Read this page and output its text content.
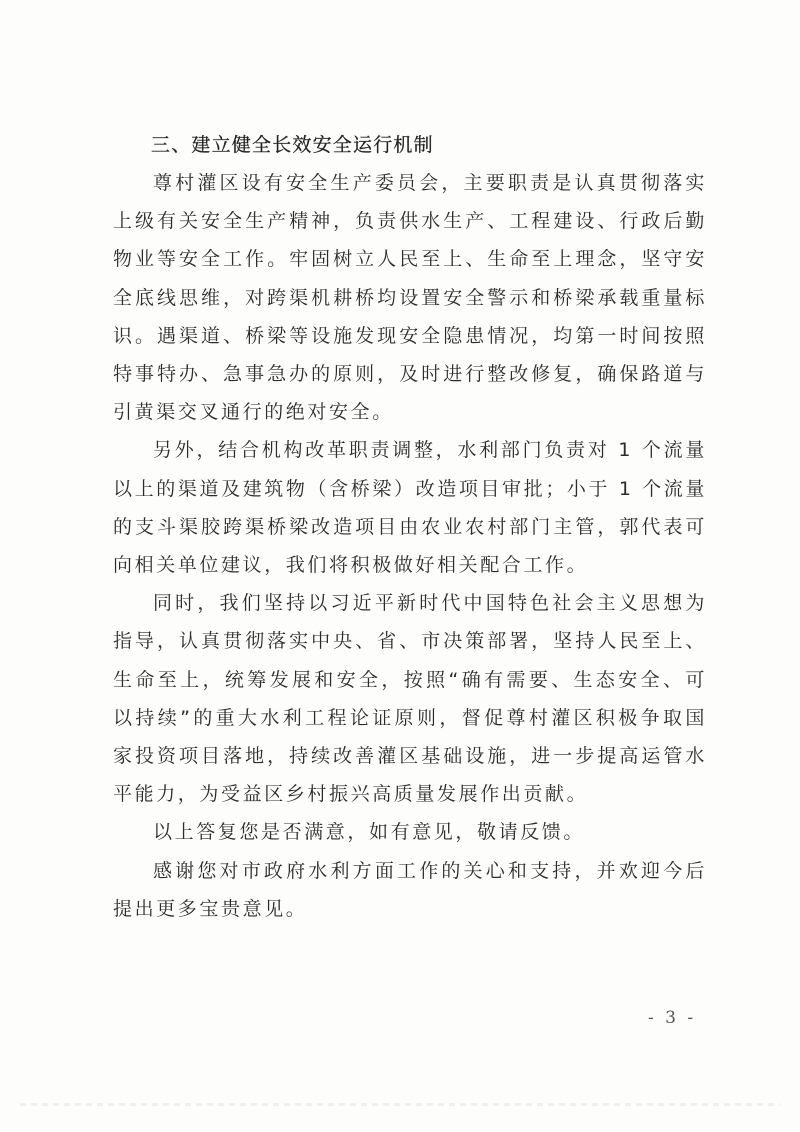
三、建立健全长效安全运行机制

尊村灌区设有安全生产委员会，主要职责是认真贯彻落实上级有关安全生产精神，负责供水生产、工程建设、行政后勤物业等安全工作。牢固树立人民至上、生命至上理念，坚守安全底线思维，对跨渠机耕桥均设置安全警示和桥梁承载重量标识。遇渠道、桥梁等设施发现安全隐患情况，均第一时间按照特事特办、急事急办的原则，及时进行整改修复，确保路道与引黄渠交叉通行的绝对安全。

另外，结合机构改革职责调整，水利部门负责对 1 个流量以上的渠道及建筑物（含桥梁）改造项目审批；小于 1 个流量的支斗渠胶跨渠桥梁改造项目由农业农村部门主管，郭代表可向相关单位建议，我们将积极做好相关配合工作。

同时，我们坚持以习近平新时代中国特色社会主义思想为指导，认真贯彻落实中央、省、市决策部署，坚持人民至上、生命至上，统筹发展和安全，按照“确有需要、生态安全、可以持续”的重大水利工程论证原则，督促尊村灌区积极争取国家投资项目落地，持续改善灌区基础设施，进一步提高运管水平能力，为受益区乡村振兴高质量发展作出贡献。

以上答复您是否满意，如有意见，敬请反馈。

感谢您对市政府水利方面工作的关心和支持，并欢迎今后提出更多宝贵意见。

- 3 -
